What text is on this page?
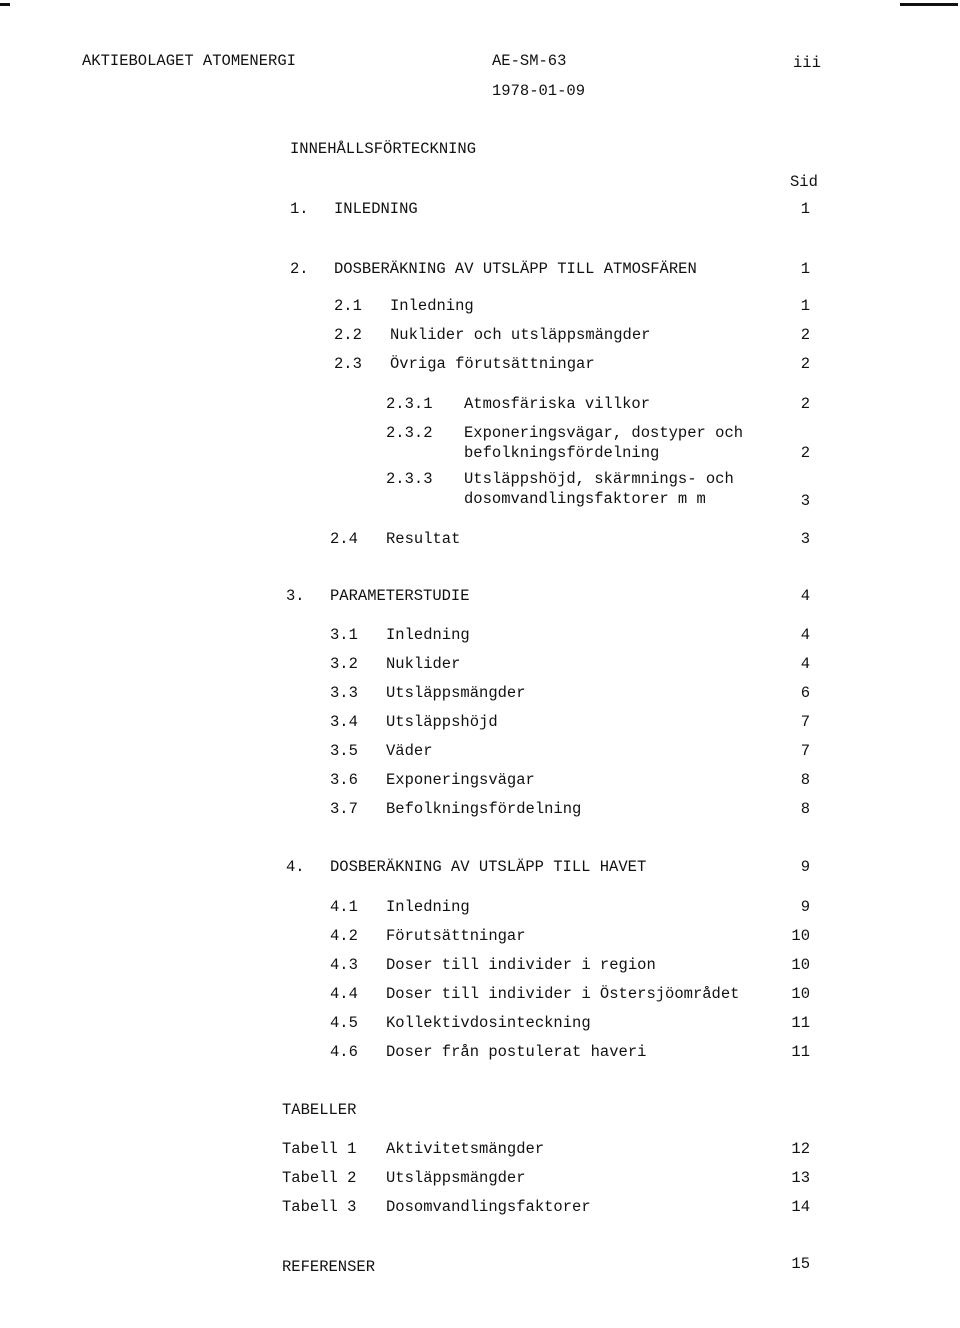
AKTIEBOLAGET ATOMENERGI	AE-SM-63
1978-01-09
iii
INNEHÅLLSFÖRTECKNING
Sid
1. INLEDNING	1
2. DOSBERÄKNING AV UTSLÄPP TILL ATMOSFÄREN	1
2.1 Inledning	1
2.2 Nuklider och utsläppsmängder	2
2.3 Övriga förutsättningar	2
2.3.1 Atmosfäriska villkor	2
2.3.2 Exponeringsvägar, dostyper och befolkningsfördelning	2
2.3.3 Utsläppshöjd, skärmnings- och dosomvandlingsfaktorer m m	3
2.4 Resultat	3
3. PARAMETERSTUDIE	4
3.1 Inledning	4
3.2 Nuklider	4
3.3 Utsläppsmängder	6
3.4 Utsläppshöjd	7
3.5 Väder	7
3.6 Exponeringsvägar	8
3.7 Befolkningsfördelning	8
4. DOSBERÄKNING AV UTSLÄPP TILL HAVET	9
4.1 Inledning	9
4.2 Förutsättningar	10
4.3 Doser till individer i region	10
4.4 Doser till individer i Östersjöområdet	10
4.5 Kollektivdosinteckning	11
4.6 Doser från postulerat haveri	11
TABELLER
Tabell 1 Aktivitetsmängder	12
Tabell 2 Utsläppsmängder	13
Tabell 3 Dosomvandlingsfaktorer	14
REFERENSER	15
